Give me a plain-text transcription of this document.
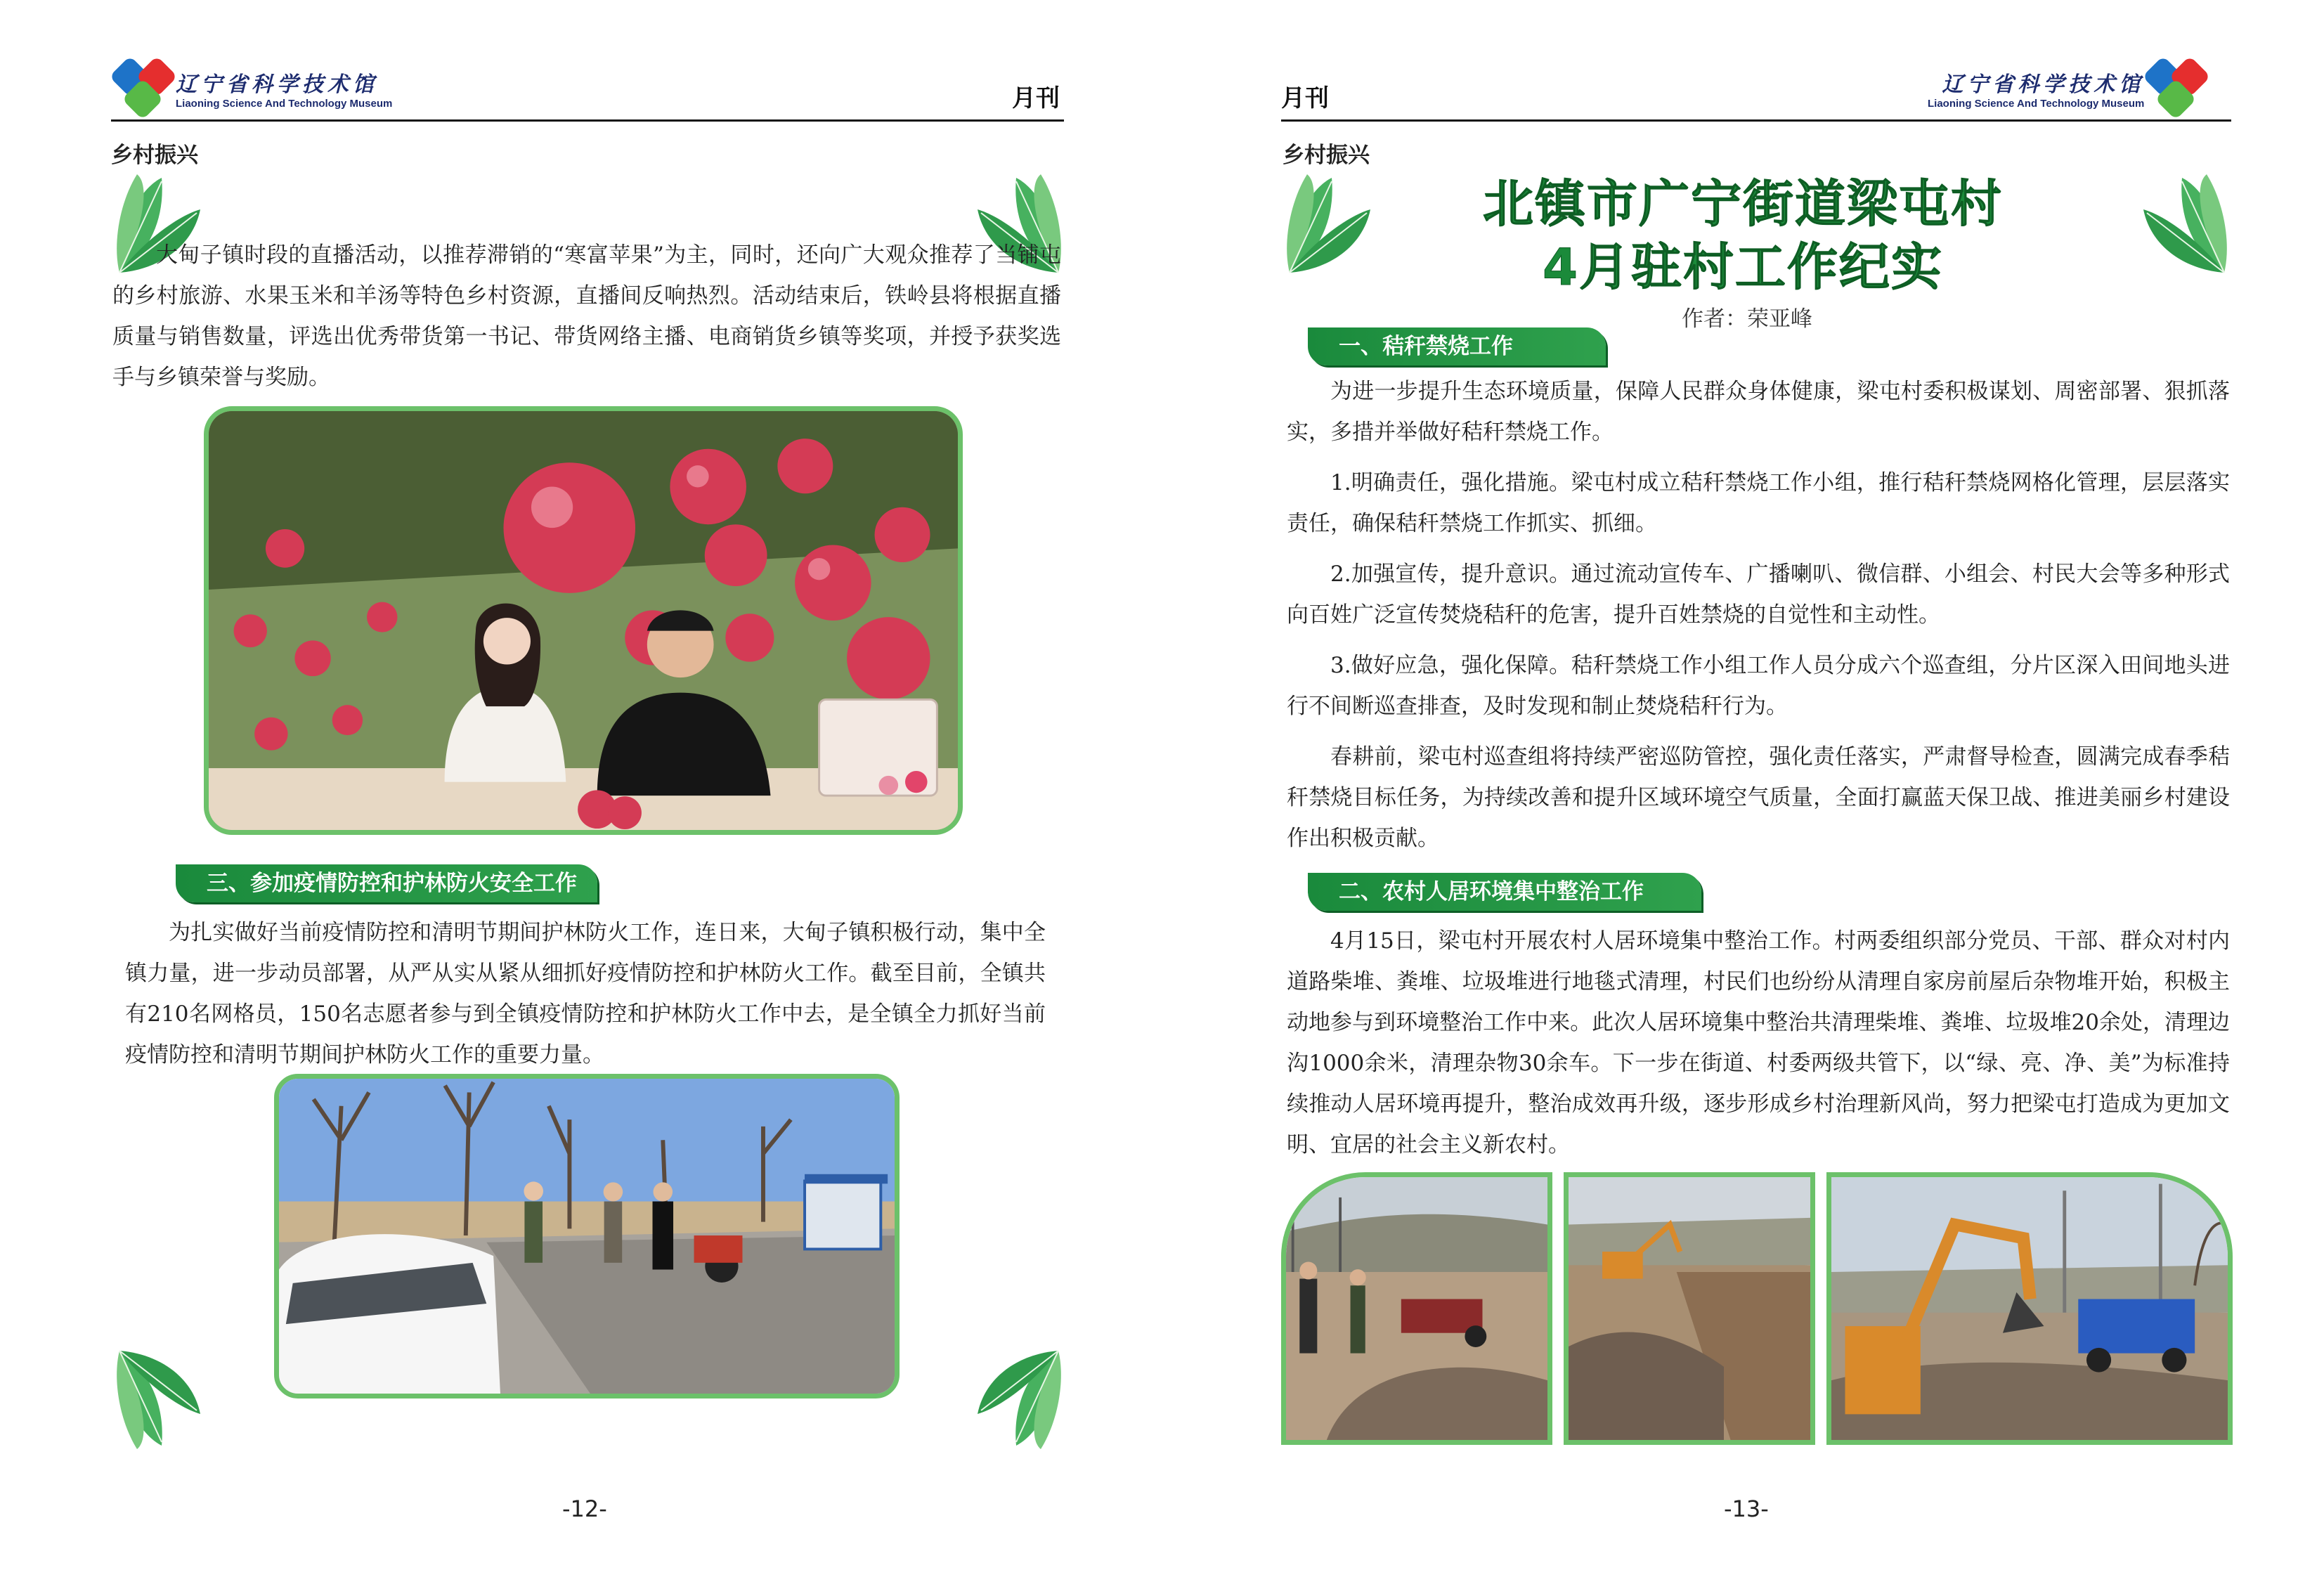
辽宁省科学技术馆
Liaoning Science And Technology Museum	月刊
乡村振兴
大甸子镇时段的直播活动，以推荐滞销的“寒富苹果”为主，同时，还向广大观众推荐了当铺屯的乡村旅游、水果玉米和羊汤等特色乡村资源，直播间反响热烈。活动结束后，铁岭县将根据直播质量与销售数量，评选出优秀带货第一书记、带货网络主播、电商销货乡镇等奖项，并授予获奖选手与乡镇荣誉与奖励。
三、参加疫情防控和护林防火安全工作
为扎实做好当前疫情防控和清明节期间护林防火工作，连日来，大甸子镇积极行动，集中全镇力量，进一步动员部署，从严从实从紧从细抓好疫情防控和护林防火工作。截至目前，全镇共有210名网格员，150名志愿者参与到全镇疫情防控和护林防火工作中去，是全镇全力抓好当前疫情防控和清明节期间护林防火工作的重要力量。
-12-
月刊	辽宁省科学技术馆
Liaoning Science And Technology Museum
乡村振兴
北镇市广宁街道梁屯村
4月驻村工作纪实
作者：荣亚峰
一、秸秆禁烧工作
为进一步提升生态环境质量，保障人民群众身体健康，梁屯村委积极谋划、周密部署、狠抓落实，多措并举做好秸秆禁烧工作。
1.明确责任，强化措施。梁屯村成立秸秆禁烧工作小组，推行秸秆禁烧网格化管理，层层落实责任，确保秸秆禁烧工作抓实、抓细。
2.加强宣传，提升意识。通过流动宣传车、广播喇叭、微信群、小组会、村民大会等多种形式向百姓广泛宣传焚烧秸秆的危害，提升百姓禁烧的自觉性和主动性。
3.做好应急，强化保障。秸秆禁烧工作小组工作人员分成六个巡查组，分片区深入田间地头进行不间断巡查排查，及时发现和制止焚烧秸秆行为。
春耕前，梁屯村巡查组将持续严密巡防管控，强化责任落实，严肃督导检查，圆满完成春季秸秆禁烧目标任务，为持续改善和提升区域环境空气质量，全面打赢蓝天保卫战、推进美丽乡村建设作出积极贡献。
二、农村人居环境集中整治工作
4月15日，梁屯村开展农村人居环境集中整治工作。村两委组织部分党员、干部、群众对村内道路柴堆、粪堆、垃圾堆进行地毯式清理，村民们也纷纷从清理自家房前屋后杂物堆开始，积极主动地参与到环境整治工作中来。此次人居环境集中整治共清理柴堆、粪堆、垃圾堆20余处，清理边沟1000余米，清理杂物30余车。下一步在街道、村委两级共管下，以“绿、亮、净、美”为标准持续推动人居环境再提升，整治成效再升级，逐步形成乡村治理新风尚，努力把梁屯打造成为更加文明、宜居的社会主义新农村。
-13-
